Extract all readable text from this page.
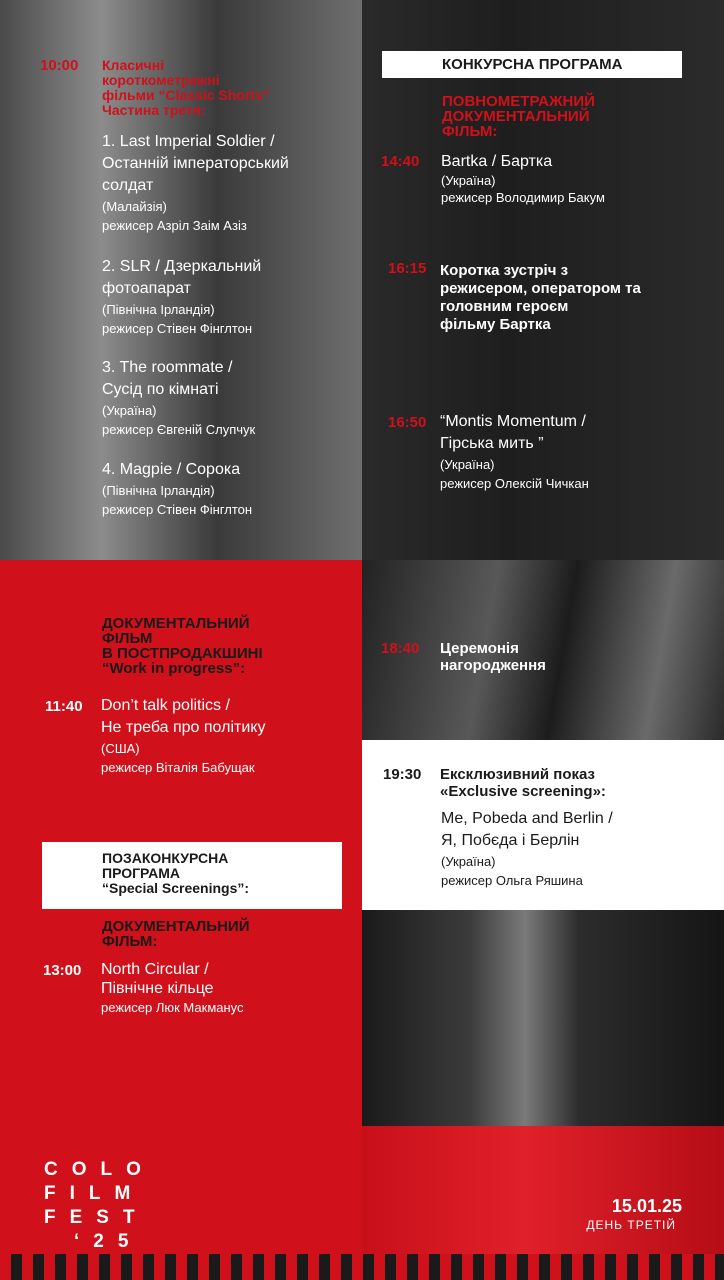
10:00 Класичні
короткометражні
фільми “Classic Shorts”
Частина третя:
1. Last Imperial Soldier /
Останній імператорський
солдат
(Малайзія)
режисер Азріл Заім Азіз
2. SLR / Дзеркальний
фотоапарат
(Північна Ірландія)
режисер Стівен Фінглтон
3. The roommate /
Сусід по кімнаті
(Україна)
режисер Євгеній Слупчук
4. Magpie / Сорока
(Північна Ірландія)
режисер Стівен Фінглтон
КОНКУРСНА ПРОГРАМА
ПОВНОМЕТРАЖНИЙ
ДОКУМЕНТАЛЬНИЙ
ФІЛЬМ:
14:40 Bartka / Бартка
(Україна)
режисер Володимир Бакум
16:15 Коротка зустріч з
режисером, оператором та
головним героєм
фільму Бартка
16:50 “Montis Momentum /
Гірська мить ”
(Україна)
режисер Олексій Чичкан
ДОКУМЕНТАЛЬНИЙ
ФІЛЬМ
В ПОСТПРОДАКШИНІ
“Work in progress”:
11:40 Don’t talk politics /
Не треба про політику
(США)
режисер Віталія Бабущак
ПОЗАКОНКУРСНА
ПРОГРАМА
“Special Screenings”:
ДОКУМЕНТАЛЬНИЙ
ФІЛЬМ:
13:00 North Circular /
Північне кільце
режисер Люк Макманус
18:40 Церемонія
нагородження
19:30 Ексклюзивний показ
«Exclusive screening»:
Me, Pobeda and Berlin /
Я, Побєда і Берлін
(Україна)
режисер Ольга Ряшина
COLO
FILM
FEST
‘25
15.01.25
ДЕНЬ ТРЕТІЙ
